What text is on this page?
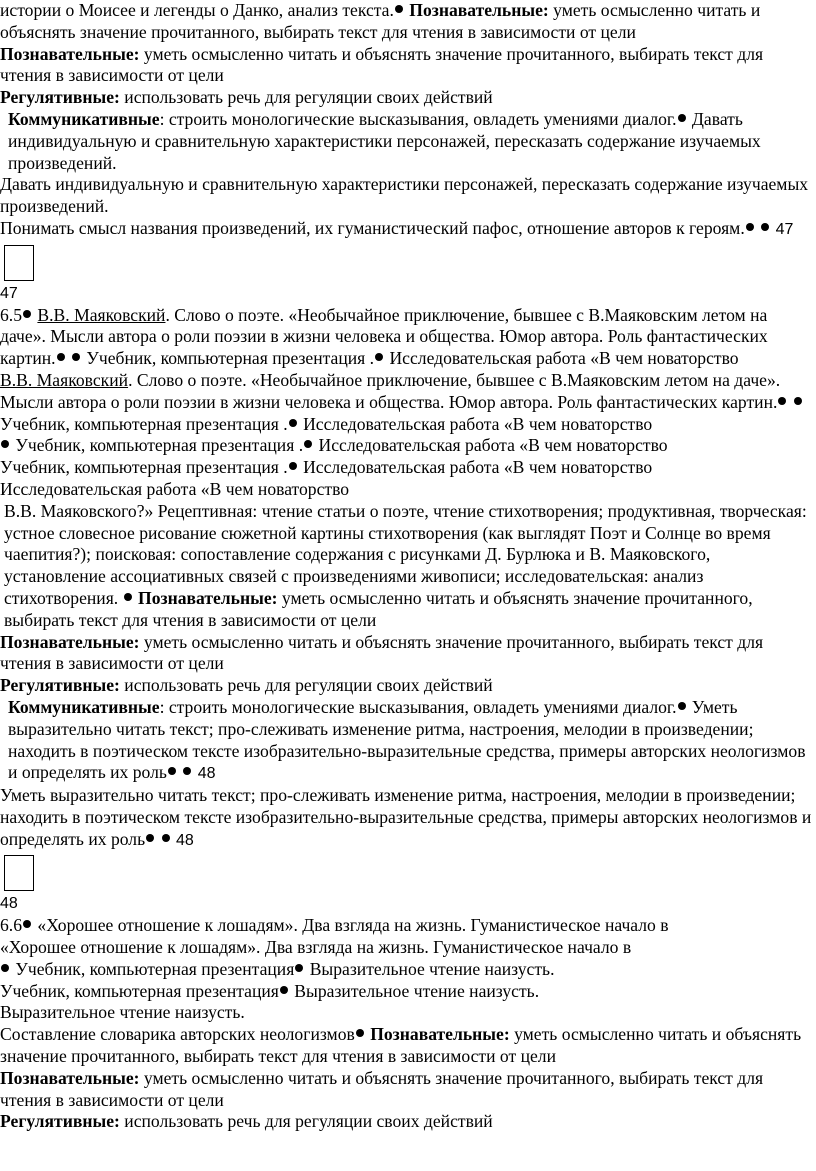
истории о Моисее и легенды о Данко, анализ текста. Познавательные: уметь осмысленно читать и объяснять значение прочитанного, выбирать текст для чтения в зависимости от цели

Познавательные: уметь осмысленно читать и объяснять значение прочитанного, выбирать текст для чтения в зависимости от цели

Регулятивные: использовать речь для регуляции своих действий

Коммуникативные: строить монологические высказывания, овладеть умениями диалог. Давать индивидуальную и сравнительную характеристики персонажей, пересказать содержание изучаемых произведений.

Давать индивидуальную и сравнительную характеристики персонажей, пересказать содержание изучаемых произведений.

Понимать смысл названия произведений, их гуманистический пафос, отношение авторов к героям.  47

47

6.5 В.В. Маяковский. Слово о поэте. «Необычайное приключение, бывшее с В.Маяковским летом на даче». Мысли автора о роли поэзии в жизни человека и общества. Юмор автора. Роль фантастических картин.  Учебник, компьютерная презентация . Исследовательская работа «В чем новаторство

В.В. Маяковский. Слово о поэте. «Необычайное приключение, бывшее с В.Маяковским летом на даче». Мысли автора о роли поэзии в жизни человека и общества. Юмор автора. Роль фантастических картин.  Учебник, компьютерная презентация . Исследовательская работа «В чем новаторство

Учебник, компьютерная презентация . Исследовательская работа «В чем новаторство

Учебник, компьютерная презентация . Исследовательская работа «В чем новаторство

Исследовательская работа «В чем новаторство

В.В. Маяковского?» Рецептивная: чтение статьи о поэте, чтение стихотворения; продуктивная, творческая: устное словесное рисование сюжетной картины стихотворения (как выглядят Поэт и Солнце во время чаепития?); поисковая: сопоставление содержания с рисунками Д. Бурлюка и В. Маяковского, установление ассоциативных связей с произведениями живописи; исследовательская: анализ стихотворения.  Познавательные: уметь осмысленно читать и объяснять значение прочитанного, выбирать текст для чтения в зависимости от цели

Познавательные: уметь осмысленно читать и объяснять значение прочитанного, выбирать текст для чтения в зависимости от цели

Регулятивные: использовать речь для регуляции своих действий

Коммуникативные: строить монологические высказывания, овладеть умениями диалог. Уметь выразительно читать текст; про-слеживать изменение ритма, настроения, мелодии в произведении; находить в поэтическом тексте изобразительно-выразительные средства, примеры авторских неологизмов и определять их роль  48

Уметь выразительно читать текст; про-слеживать изменение ритма, настроения, мелодии в произведении; находить в поэтическом тексте изобразительно-выразительные средства, примеры авторских неологизмов и определять их роль  48

48

6.6 «Хорошее отношение к лошадям». Два взгляда на жизнь. Гуманистическое начало в

«Хорошее отношение к лошадям». Два взгляда на жизнь. Гуманистическое начало в

Учебник, компьютерная презентация Выразительное чтение наизусть.

Учебник, компьютерная презентация Выразительное чтение наизусть.

Выразительное чтение наизусть.

Составление словарика авторских неологизмов Познавательные: уметь осмысленно читать и объяснять значение прочитанного, выбирать текст для чтения в зависимости от цели

Познавательные: уметь осмысленно читать и объяснять значение прочитанного, выбирать текст для чтения в зависимости от цели

Регулятивные: использовать речь для регуляции своих действий
